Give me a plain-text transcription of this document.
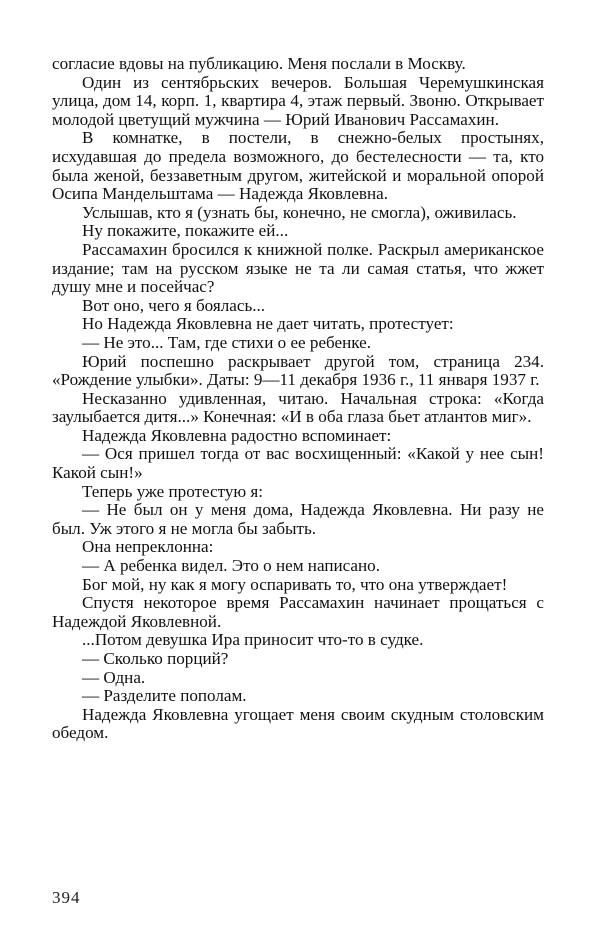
согласие вдовы на публикацию. Меня послали в Москву.

Один из сентябрьских вечеров. Большая Черемушкинская улица, дом 14, корп. 1, квартира 4, этаж первый. Звоню. Открывает молодой цветущий мужчина — Юрий Иванович Рассамахин.

В комнатке, в постели, в снежно-белых простынях, исхудавшая до предела возможного, до бестелесности — та, кто была женой, беззаветным другом, житейской и моральной опорой Осипа Мандельштама — Надежда Яковлевна.

Услышав, кто я (узнать бы, конечно, не смогла), оживилась.

Ну покажите, покажите ей...

Рассамахин бросился к книжной полке. Раскрыл американское издание; там на русском языке не та ли самая статья, что жжет душу мне и посейчас?

Вот оно, чего я боялась...

Но Надежда Яковлевна не дает читать, протестует:

— Не это... Там, где стихи о ее ребенке.

Юрий поспешно раскрывает другой том, страница 234. «Рождение улыбки». Даты: 9—11 декабря 1936 г., 11 января 1937 г.

Несказанно удивленная, читаю. Начальная строка: «Когда заулыбается дитя...» Конечная: «И в оба глаза бьет атлантов миг».

Надежда Яковлевна радостно вспоминает:

— Ося пришел тогда от вас восхищенный: «Какой у нее сын! Какой сын!»

Теперь уже протестую я:

— Не был он у меня дома, Надежда Яковлевна. Ни разу не был. Уж этого я не могла бы забыть.

Она непреклонна:

— А ребенка видел. Это о нем написано.

Бог мой, ну как я могу оспаривать то, что она утверждает!

Спустя некоторое время Рассамахин начинает прощаться с Надеждой Яковлевной.

...Потом девушка Ира приносит что-то в судке.

— Сколько порций?

— Одна.

— Разделите пополам.

Надежда Яковлевна угощает меня своим скудным столовским обедом.

394
